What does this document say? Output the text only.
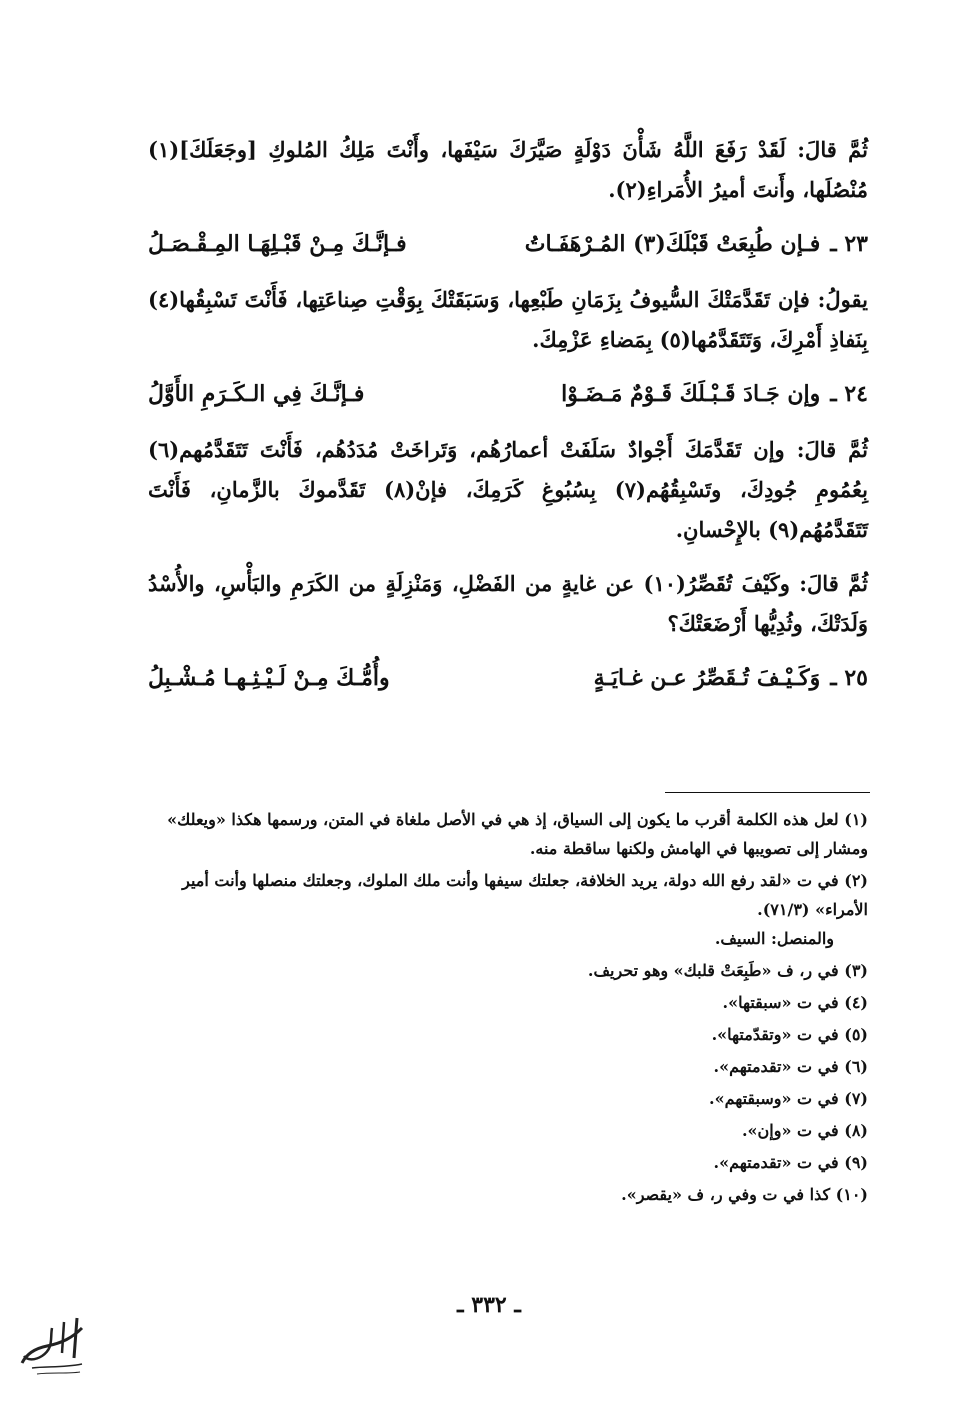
ثُمَّ قالَ: لَقَدْ رَفَعَ اللَّهُ شَأْنَ دَوْلَةٍ صَيَّرَكَ سَيْفَها، وأَنْتَ مَلِكُ المُلوكِ [وجَعَلَكَ](١) مُنْصُلَها، وأَنتَ أميرُ الأُمَراءِ(٢).

٢٣ ـ
فـإن طُبِعَتْ قَبْلَكَ(٣) المُـرْهَفَـاتُ
فـإنَّـكَ مِـنْ قَبْـلِهَـا المِـقْـصَـلُ

يقولُ: فإن تَقَدَّمَتْكَ السُّيوفُ بِزَمَانِ طَبْعِها، وَسَبَقَتْكَ بِوَقْتِ صِناعَتِها، فَأَنْتَ تَسْبِقُها(٤) بِنَفاذِ أَمْرِكَ، وَتَتَقَدَّمُها(٥) بِمَضاءِ عَزْمِكَ.

٢٤ ـ
وإن جَـادَ قَـبْـلَكَ قَـوْمٌ مَـضَـوْا
فـإنَّـكَ فِي الـكَـرَمِ الأَوَّلُ

ثُمَّ قالَ: وإن تَقَدَّمَكَ أَجْوادٌ سَلَفَتْ أعمارُهُم، وَتَراخَتْ مُدَدُهُم، فَأَنْتَ تَتَقَدَّمُهم(٦) بِعُمُومِ جُودِكَ، وتَسْبِقُهُم(٧) بِسُبُوغِ كَرَمِكَ، فإنْ(٨) تَقَدَّموكَ بالزَّمانِ، فَأَنْتَ تَتَقَدَّمُهُم(٩) بالإِحْسانِ.

ثُمَّ قالَ: وكَيْفَ تُقَصِّرُ(١٠) عن غايةٍ من الفَضْلِ، وَمَنْزِلَةٍ من الكَرَمِ والبَأْسِ، والأُسْدُ وَلَدَتْكَ، وثُدِيُّها أَرْضَعَتْكَ؟

٢٥ ـ
وَكَـيْـفَ تُـقَصِّرُ عـن غـايَـةٍ
وأُمُّـكَ مِـنْ لَـيْـثِـهـا مُـشْـبِلُ
(١) لعل هذه الكلمة أقرب ما يكون إلى السياق، إذ هي في الأصل ملغاة في المتن، ورسمها هكذا «ويعلك» ومشار إلى تصويبها في الهامش ولكنها ساقطة منه.
(٢) في ت «لقد رفع الله دولة، يريد الخلافة، جعلتك سيفها وأنت ملك الملوك، وجعلتك منصلها وأنت أمير الأمراء» (٧١/٣).
والمنصل: السيف.
(٣) في ر، ف «طَبِعَتْ قلبك» وهو تحريف.
(٤) في ت «سبقتها».
(٥) في ت «وتقدّمتها».
(٦) في ت «تقدمتهم».
(٧) في ت «وسبقتهم».
(٨) في ت «وإن».
(٩) في ت «تقدمتهم».
(١٠) كذا في ت وفي ر، ف «يقصر».
ـ ٣٣٢ ـ
